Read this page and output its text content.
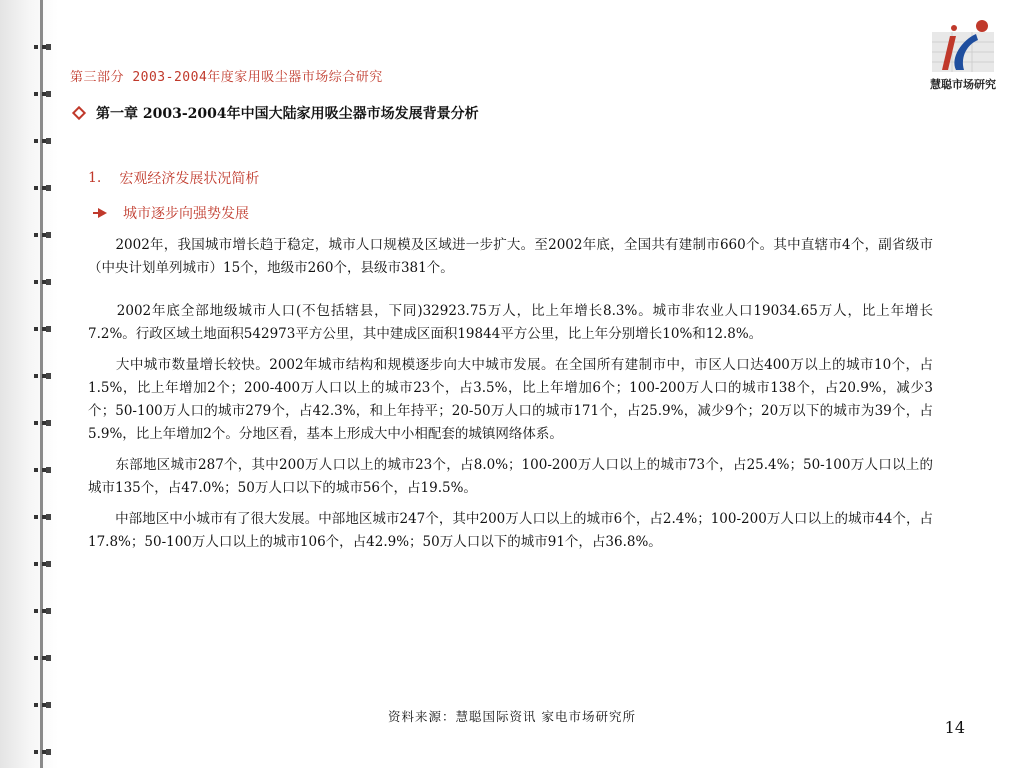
第三部分 2003-2004年度家用吸尘器市场综合研究
第一章 2003-2004年中国大陆家用吸尘器市场发展背景分析
慧聪市场研究
1. 宏观经济发展状况简析
城市逐步向强势发展

　　2002年，我国城市增长趋于稳定，城市人口规模及区域进一步扩大。至2002年底，全国共有建制市660个。其中直辖市4个，副省级市（中央计划单列城市）15个，地级市260个，县级市381个。

　　2002年底全部地级城市人口(不包括辖县，下同)32923.75万人，比上年增长8.3%。城市非农业人口19034.65万人，比上年增长7.2%。行政区域土地面积542973平方公里，其中建成区面积19844平方公里，比上年分别增长10%和12.8%。

　　大中城市数量增长较快。2002年城市结构和规模逐步向大中城市发展。在全国所有建制市中，市区人口达400万以上的城市10个，占1.5%，比上年增加2个；200-400万人口以上的城市23个，占3.5%，比上年增加6个；100-200万人口的城市138个，占20.9%，减少3个；50-100万人口的城市279个，占42.3%，和上年持平；20-50万人口的城市171个，占25.9%，减少9个；20万以下的城市为39个，占5.9%，比上年增加2个。分地区看，基本上形成大中小相配套的城镇网络体系。

　　东部地区城市287个，其中200万人口以上的城市23个，占8.0%；100-200万人口以上的城市73个，占25.4%；50-100万人口以上的城市135个，占47.0%；50万人口以下的城市56个，占19.5%。

　　中部地区中小城市有了很大发展。中部地区城市247个，其中200万人口以上的城市6个，占2.4%；100-200万人口以上的城市44个，占17.8%；50-100万人口以上的城市106个，占42.9%；50万人口以下的城市91个，占36.8%。

资料来源：慧聪国际资讯 家电市场研究所
14
